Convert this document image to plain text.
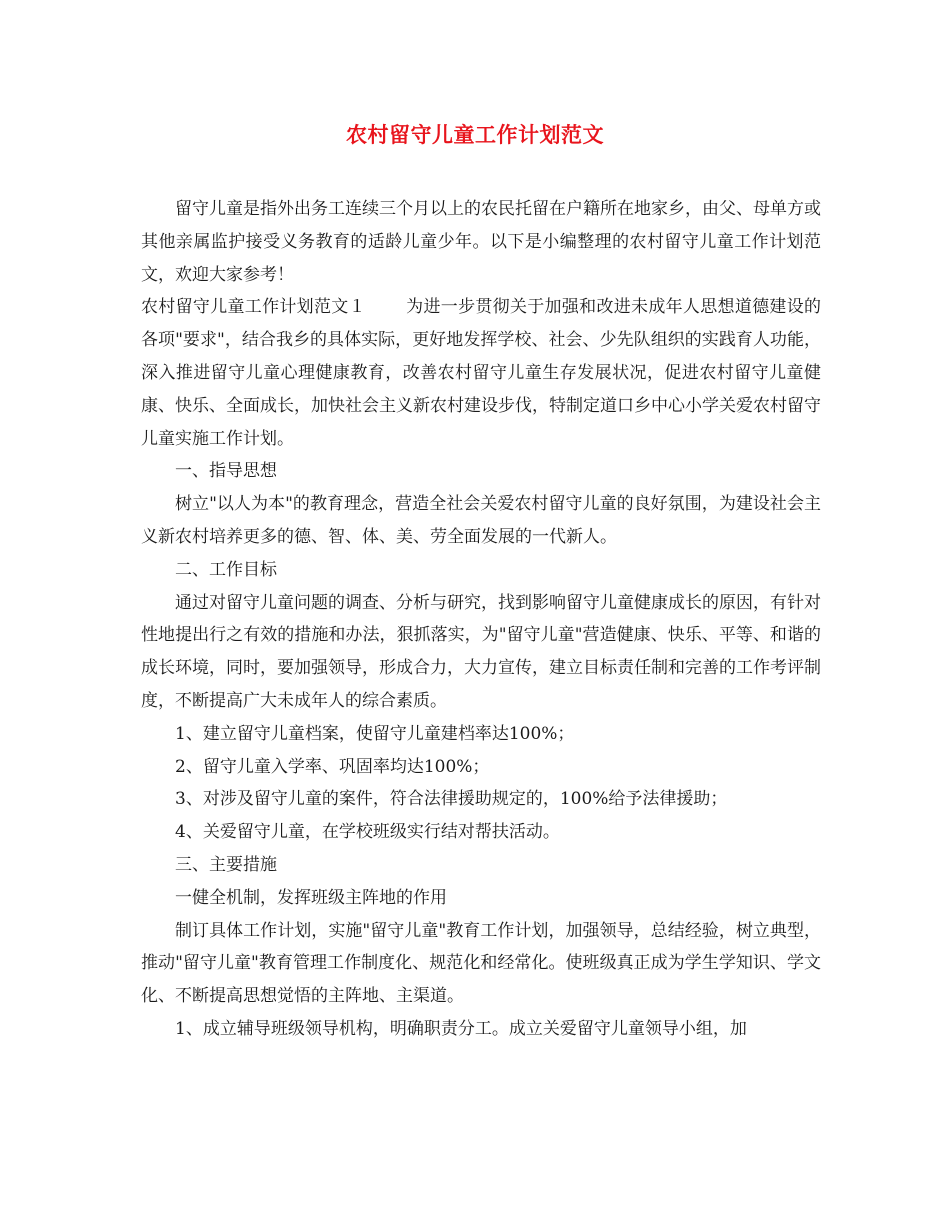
农村留守儿童工作计划范文

留守儿童是指外出务工连续三个月以上的农民托留在户籍所在地家乡，由父、母单方或其他亲属监护接受义务教育的适龄儿童少年。以下是小编整理的农村留守儿童工作计划范文，欢迎大家参考！

农村留守儿童工作计划范文１ 为进一步贯彻关于加强和改进未成年人思想道德建设的各项"要求"，结合我乡的具体实际，更好地发挥学校、社会、少先队组织的实践育人功能，深入推进留守儿童心理健康教育，改善农村留守儿童生存发展状况，促进农村留守儿童健康、快乐、全面成长，加快社会主义新农村建设步伐，特制定道口乡中心小学关爱农村留守儿童实施工作计划。

一、指导思想

树立"以人为本"的教育理念，营造全社会关爱农村留守儿童的良好氛围，为建设社会主义新农村培养更多的德、智、体、美、劳全面发展的一代新人。

二、工作目标

通过对留守儿童问题的调查、分析与研究，找到影响留守儿童健康成长的原因，有针对性地提出行之有效的措施和办法，狠抓落实，为"留守儿童"营造健康、快乐、平等、和谐的成长环境，同时，要加强领导，形成合力，大力宣传，建立目标责任制和完善的工作考评制度，不断提高广大未成年人的综合素质。

1、建立留守儿童档案，使留守儿童建档率达100%；

2、留守儿童入学率、巩固率均达100%；

3、对涉及留守儿童的案件，符合法律援助规定的，100%给予法律援助；

4、关爱留守儿童，在学校班级实行结对帮扶活动。

三、主要措施

一健全机制，发挥班级主阵地的作用

制订具体工作计划，实施"留守儿童"教育工作计划，加强领导，总结经验，树立典型，推动"留守儿童"教育管理工作制度化、规范化和经常化。使班级真正成为学生学知识、学文化、不断提高思想觉悟的主阵地、主渠道。

1、成立辅导班级领导机构，明确职责分工。成立关爱留守儿童领导小组，加
